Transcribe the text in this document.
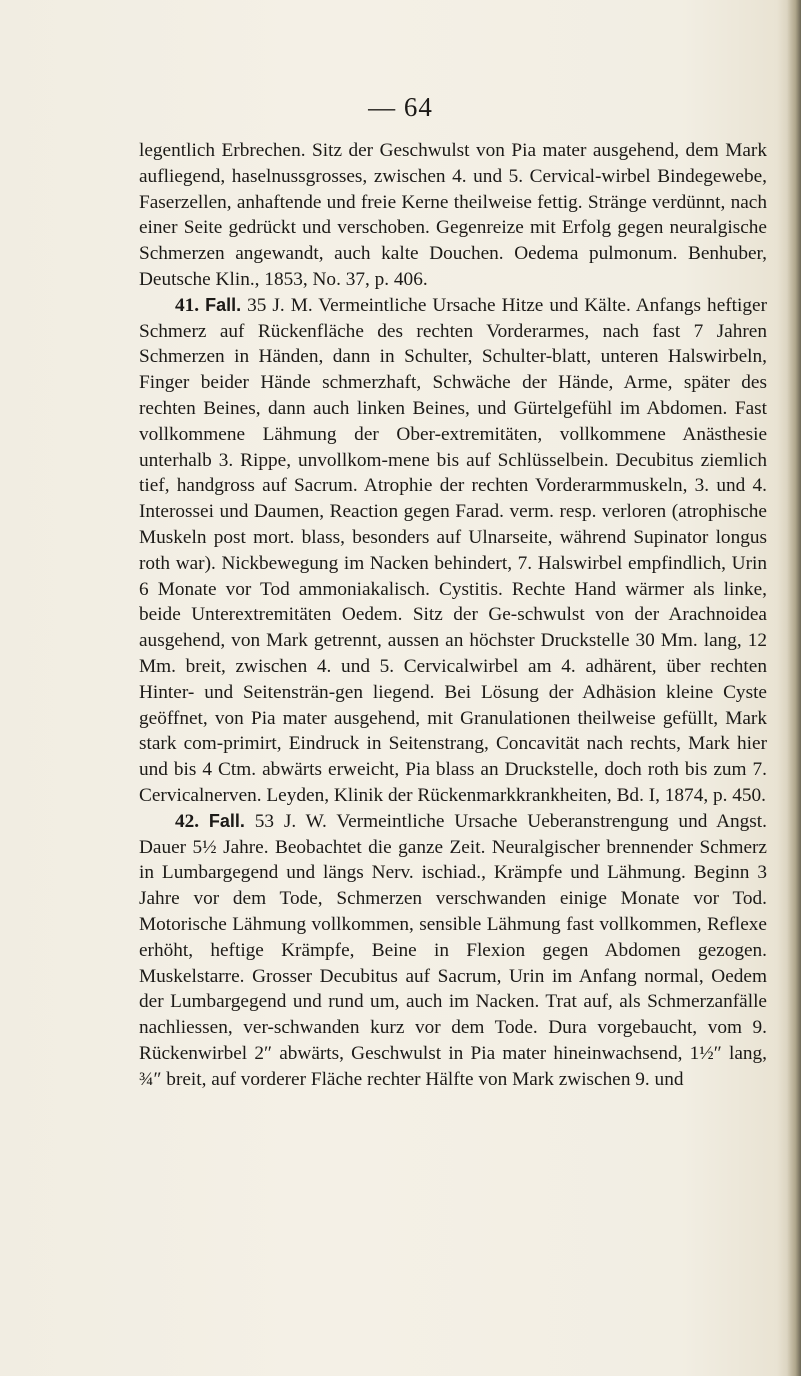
— 64

legentlich Erbrechen. Sitz der Geschwulst von Pia mater ausgehend, dem Mark aufliegend, haselnussgrosses, zwischen 4. und 5. Cervical-wirbel Bindegewebe, Faserzellen, anhaftende und freie Kerne theilweise fettig. Stränge verdünnt, nach einer Seite gedrückt und verschoben. Gegenreize mit Erfolg gegen neuralgische Schmerzen angewandt, auch kalte Douchen. Oedema pulmonum. Benhuber, Deutsche Klin., 1853, No. 37, p. 406.

41. Fall. 35 J. M. Vermeintliche Ursache Hitze und Kälte. Anfangs heftiger Schmerz auf Rückenfläche des rechten Vorderarmes, nach fast 7 Jahren Schmerzen in Händen, dann in Schulter, Schulter-blatt, unteren Halswirbeln, Finger beider Hände schmerzhaft, Schwäche der Hände, Arme, später des rechten Beines, dann auch linken Beines, und Gürtelgefühl im Abdomen. Fast vollkommene Lähmung der Ober-extremitäten, vollkommene Anästhesie unterhalb 3. Rippe, unvollkom-mene bis auf Schlüsselbein. Decubitus ziemlich tief, handgross auf Sacrum. Atrophie der rechten Vorderarmmuskeln, 3. und 4. Interossei und Daumen, Reaction gegen Farad. verm. resp. verloren (atrophische Muskeln post mort. blass, besonders auf Ulnarseite, während Supinator longus roth war). Nickbewegung im Nacken behindert, 7. Halswirbel empfindlich, Urin 6 Monate vor Tod ammoniakalisch. Cystitis. Rechte Hand wärmer als linke, beide Unterextremitäten Oedem. Sitz der Ge-schwulst von der Arachnoidea ausgehend, von Mark getrennt, aussen an höchster Druckstelle 30 Mm. lang, 12 Mm. breit, zwischen 4. und 5. Cervicalwirbel am 4. adhärent, über rechten Hinter- und Seitensträn-gen liegend. Bei Lösung der Adhäsion kleine Cyste geöffnet, von Pia mater ausgehend, mit Granulationen theilweise gefüllt, Mark stark com-primirt, Eindruck in Seitenstrang, Concavität nach rechts, Mark hier und bis 4 Ctm. abwärts erweicht, Pia blass an Druckstelle, doch roth bis zum 7. Cervicalnerven. Leyden, Klinik der Rückenmarkkrankheiten, Bd. I, 1874, p. 450.

42. Fall. 53 J. W. Vermeintliche Ursache Ueberanstrengung und Angst. Dauer 5½ Jahre. Beobachtet die ganze Zeit. Neuralgischer brennender Schmerz in Lumbargegend und längs Nerv. ischiad., Krämpfe und Lähmung. Beginn 3 Jahre vor dem Tode, Schmerzen verschwanden einige Monate vor Tod. Motorische Lähmung vollkommen, sensible Lähmung fast vollkommen, Reflexe erhöht, heftige Krämpfe, Beine in Flexion gegen Abdomen gezogen. Muskelstarre. Grosser Decubitus auf Sacrum, Urin im Anfang normal, Oedem der Lumbargegend und rund um, auch im Nacken. Trat auf, als Schmerzanfälle nachliessen, ver-schwanden kurz vor dem Tode. Dura vorgebaucht, vom 9. Rückenwirbel 2″ abwärts, Geschwulst in Pia mater hineinwachsend, 1½″ lang, ¾″ breit, auf vorderer Fläche rechter Hälfte von Mark zwischen 9. und
